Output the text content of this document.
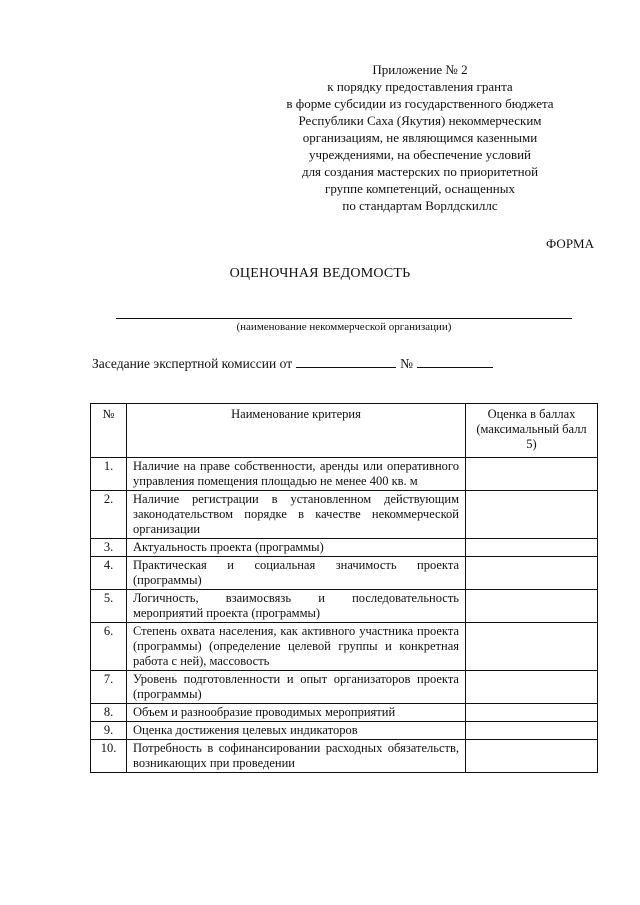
Приложение № 2
к порядку предоставления гранта
в форме субсидии из государственного бюджета
Республики Саха (Якутия) некоммерческим
организациям, не являющимся казенными
учреждениями, на обеспечение условий
для создания мастерских по приоритетной
группе компетенций, оснащенных
по стандартам Ворлдскиллс
ФОРМА
ОЦЕНОЧНАЯ ВЕДОМОСТЬ
(наименование некоммерческой организации)
Заседание экспертной комиссии от	№
№	Наименование критерия	Оценка в баллах (максимальный балл 5)
1.	Наличие на праве собственности, аренды или оперативного управления помещения площадью не менее 400 кв. м	
2.	Наличие регистрации в установленном действующим законодательством порядке в качестве некоммерческой организации	
3.	Актуальность проекта (программы)	
4.	Практическая и социальная значимость проекта (программы)	
5.	Логичность, взаимосвязь и последовательность мероприятий проекта (программы)	
6.	Степень охвата населения, как активного участника проекта (программы) (определение целевой группы и конкретная работа с ней), массовость	
7.	Уровень подготовленности и опыт организаторов проекта (программы)	
8.	Объем и разнообразие проводимых мероприятий	
9.	Оценка достижения целевых индикаторов	
10.	Потребность в софинансировании расходных обязательств, возникающих при проведении	
